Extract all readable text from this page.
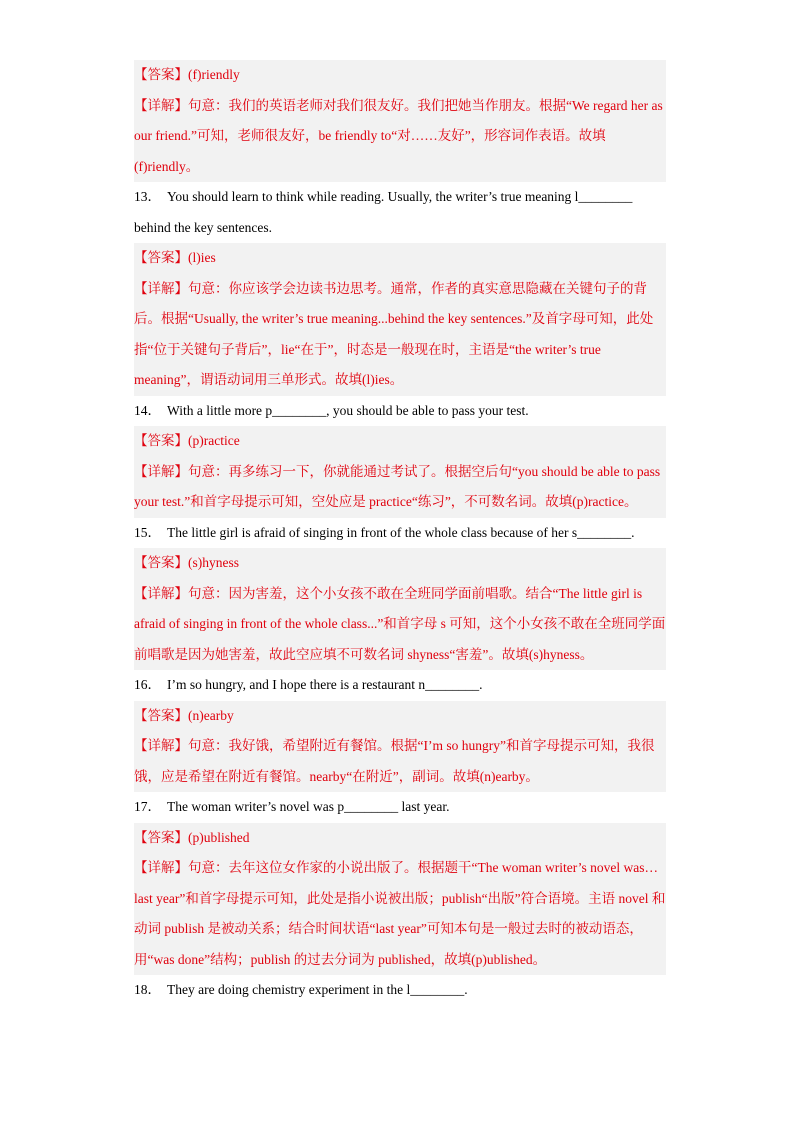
【答案】(f)riendly

【详解】句意：我们的英语老师对我们很友好。我们把她当作朋友。根据“We regard her as our friend.”可知，老师很友好，be friendly to“对……友好”，形容词作表语。故填(f)riendly。

13． You should learn to think while reading. Usually, the writer’s true meaning l________ behind the key sentences.

【答案】(l)ies

【详解】句意：你应该学会边读书边思考。通常，作者的真实意思隐藏在关键句子的背后。根据“Usually, the writer’s true meaning...behind the key sentences.”及首字母可知，此处指“位于关键句子背后”，lie“在于”，时态是一般现在时，主语是“the writer’s true meaning”，谓语动词用三单形式。故填(l)ies。

14． With a little more p________, you should be able to pass your test.

【答案】(p)ractice

【详解】句意：再多练习一下，你就能通过考试了。根据空后句“you should be able to pass your test.”和首字母提示可知，空处应是 practice“练习”，不可数名词。故填(p)ractice。

15． The little girl is afraid of singing in front of the whole class because of her s________.

【答案】(s)hyness

【详解】句意：因为害羞，这个小女孩不敢在全班同学面前唱歌。结合“The little girl is afraid of singing in front of the whole class...”和首字母 s 可知，这个小女孩不敢在全班同学面前唱歌是因为她害羞，故此空应填不可数名词 shyness“害羞”。故填(s)hyness。

16． I’m so hungry, and I hope there is a restaurant n________.

【答案】(n)earby

【详解】句意：我好饿，希望附近有餐馆。根据“I’m so hungry”和首字母提示可知，我很饿，应是希望在附近有餐馆。nearby“在附近”，副词。故填(n)earby。

17． The woman writer’s novel was p________ last year.

【答案】(p)ublished

【详解】句意：去年这位女作家的小说出版了。根据题干“The woman writer’s novel was…last year”和首字母提示可知，此处是指小说被出版；publish“出版”符合语境。主语 novel 和动词 publish 是被动关系；结合时间状语“last year”可知本句是一般过去时的被动语态，用“was done”结构；publish 的过去分词为 published，故填(p)ublished。

18． They are doing chemistry experiment in the l________.
